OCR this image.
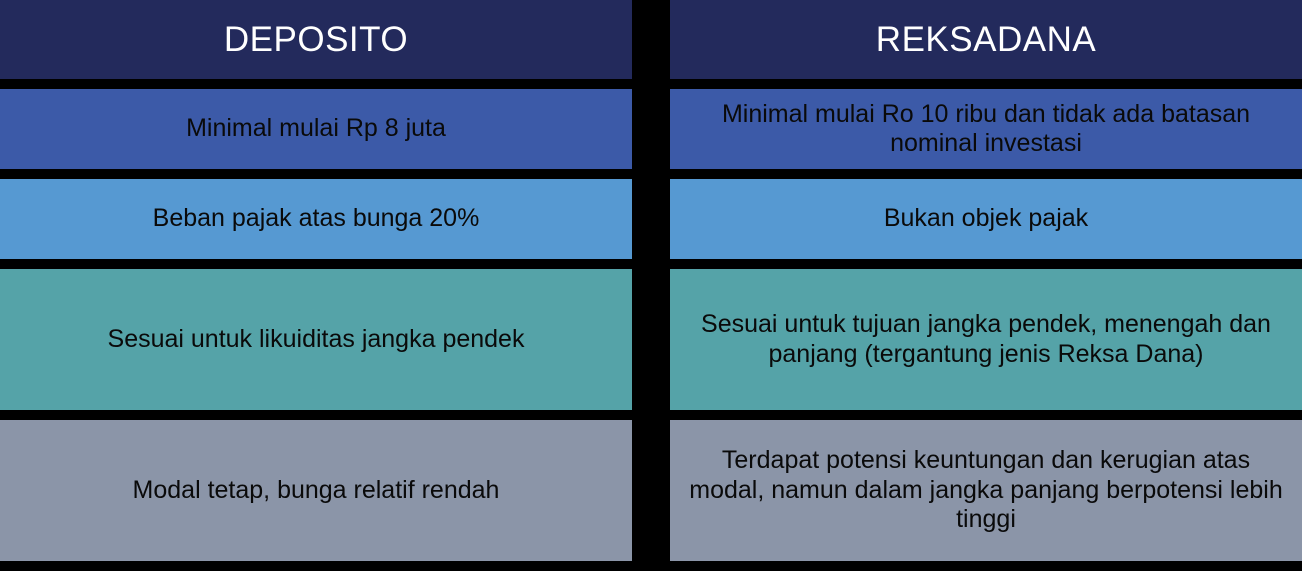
DEPOSITO
Minimal mulai Rp 8 juta
Beban pajak atas bunga 20%
Sesuai untuk likuiditas jangka pendek
Modal tetap, bunga relatif rendah
REKSADANA
Minimal mulai Ro 10 ribu dan tidak ada batasan nominal investasi
Bukan objek pajak
Sesuai untuk tujuan jangka pendek, menengah dan panjang (tergantung jenis Reksa Dana)
Terdapat potensi keuntungan dan kerugian atas modal, namun dalam jangka panjang berpotensi lebih tinggi
